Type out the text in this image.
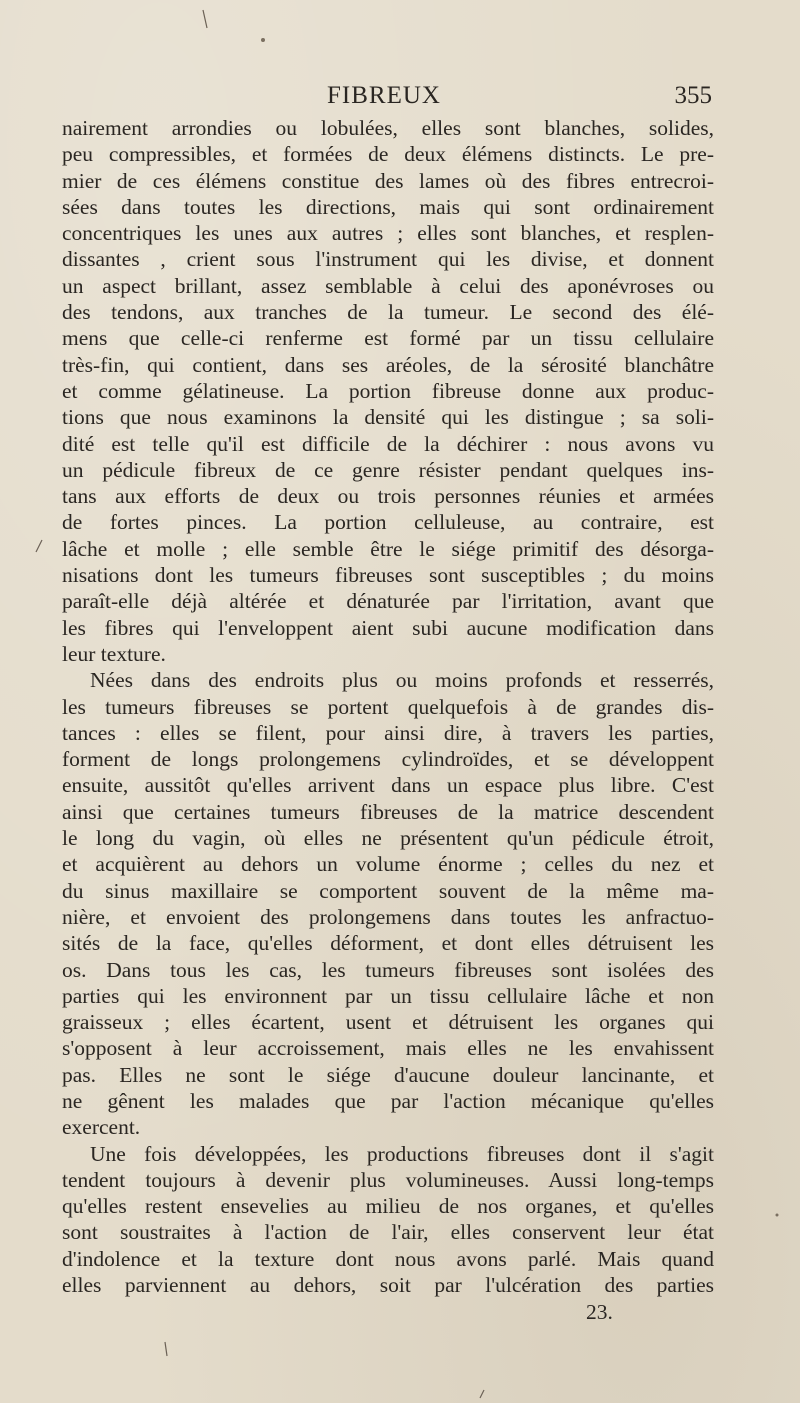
FIBREUX	355
nairement arrondies ou lobulées, elles sont blanches, solides,
peu compressibles, et formées de deux élémens distincts. Le pre-
mier de ces élémens constitue des lames où des fibres entrecroi-
sées dans toutes les directions, mais qui sont ordinairement
concentriques les unes aux autres ; elles sont blanches, et resplen-
dissantes , crient sous l'instrument qui les divise, et donnent
un aspect brillant, assez semblable à celui des aponévroses ou
des tendons, aux tranches de la tumeur. Le second des élé-
mens que celle-ci renferme est formé par un tissu cellulaire
très-fin, qui contient, dans ses aréoles, de la sérosité blanchâtre
et comme gélatineuse. La portion fibreuse donne aux produc-
tions que nous examinons la densité qui les distingue ; sa soli-
dité est telle qu'il est difficile de la déchirer : nous avons vu
un pédicule fibreux de ce genre résister pendant quelques ins-
tans aux efforts de deux ou trois personnes réunies et armées
de fortes pinces. La portion celluleuse, au contraire, est
lâche et molle ; elle semble être le siége primitif des désorga-
nisations dont les tumeurs fibreuses sont susceptibles ; du moins
paraît-elle déjà altérée et dénaturée par l'irritation, avant que
les fibres qui l'enveloppent aient subi aucune modification dans
leur texture.
Nées dans des endroits plus ou moins profonds et resserrés,
les tumeurs fibreuses se portent quelquefois à de grandes dis-
tances : elles se filent, pour ainsi dire, à travers les parties,
forment de longs prolongemens cylindroïdes, et se développent
ensuite, aussitôt qu'elles arrivent dans un espace plus libre. C'est
ainsi que certaines tumeurs fibreuses de la matrice descendent
le long du vagin, où elles ne présentent qu'un pédicule étroit,
et acquièrent au dehors un volume énorme ; celles du nez et
du sinus maxillaire se comportent souvent de la même ma-
nière, et envoient des prolongemens dans toutes les anfractuo-
sités de la face, qu'elles déforment, et dont elles détruisent les
os. Dans tous les cas, les tumeurs fibreuses sont isolées des
parties qui les environnent par un tissu cellulaire lâche et non
graisseux ; elles écartent, usent et détruisent les organes qui
s'opposent à leur accroissement, mais elles ne les envahissent
pas. Elles ne sont le siége d'aucune douleur lancinante, et
ne gênent les malades que par l'action mécanique qu'elles
exercent.
Une fois développées, les productions fibreuses dont il s'agit
tendent toujours à devenir plus volumineuses. Aussi long-temps
qu'elles restent ensevelies au milieu de nos organes, et qu'elles
sont soustraites à l'action de l'air, elles conservent leur état
d'indolence et la texture dont nous avons parlé. Mais quand
elles parviennent au dehors, soit par l'ulcération des parties
23.
